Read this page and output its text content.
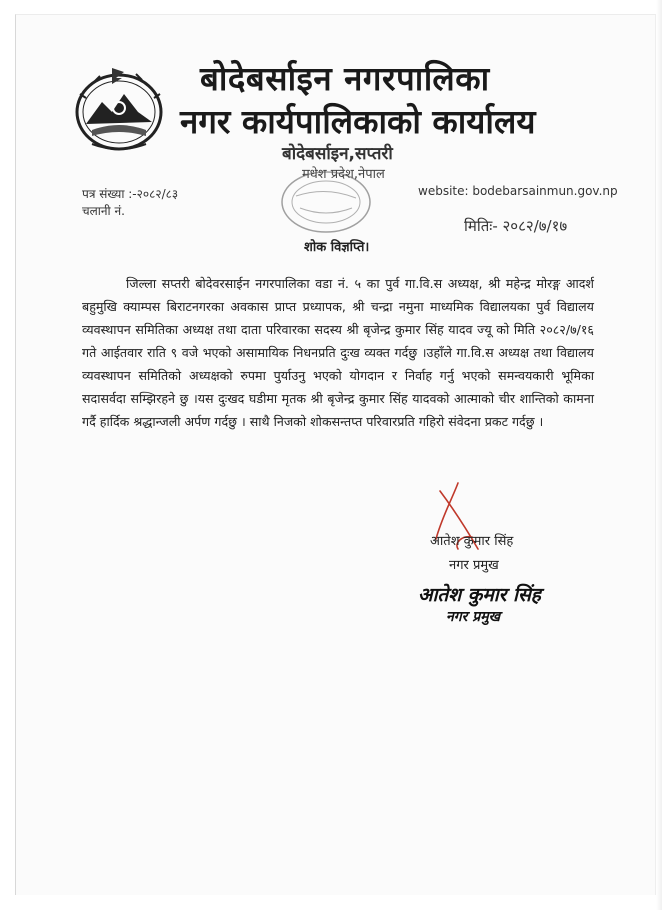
बोदेबर्साइन नगरपालिका
नगर कार्यपालिकाको कार्यालय
बोदेबर्साइन,सप्तरी
मधेश प्रदेश,नेपाल
पत्र संख्या :-२०८२/८३
चलानी नं.
website: bodebarsainmun.gov.np
मितिः- २०८२/७/१७
शोक विज्ञप्ति।
जिल्ला सप्तरी बोदेवरसाईन नगरपालिका वडा नं. ५ का पुर्व गा.वि.स अध्यक्ष, श्री महेन्द्र मोरङ्ग आदर्श बहुमुखि क्याम्पस बिराटनगरका अवकास प्राप्त प्रध्यापक, श्री चन्द्रा नमुना माध्यमिक विद्यालयका पुर्व विद्यालय व्यवस्थापन समितिका अध्यक्ष तथा दाता परिवारका सदस्य श्री बृजेन्द्र कुमार सिंह यादव ज्यू को मिति २०८२/७/१६ गते आईतवार राति ९ वजे भएको असामायिक निधनप्रति दुःख व्यक्त गर्दछु ।उहाँले गा.वि.स अध्यक्ष तथा विद्यालय व्यवस्थापन समितिको अध्यक्षको रुपमा पुर्याउनु भएको योगदान र निर्वाह गर्नु भएको समन्वयकारी भूमिका सदासर्वदा सम्झिरहने छु ।यस दुःखद घडीमा मृतक श्री बृजेन्द्र कुमार सिंह यादवको आत्माको चीर शान्तिको कामना गर्दै हार्दिक श्रद्धान्जली अर्पण गर्दछु । साथै निजको शोकसन्तप्त परिवारप्रति गहिरो संवेदना प्रकट गर्दछु ।
आतेश कुमार सिंह
नगर प्रमुख
आतेश कुमार सिंह
नगर प्रमुख
